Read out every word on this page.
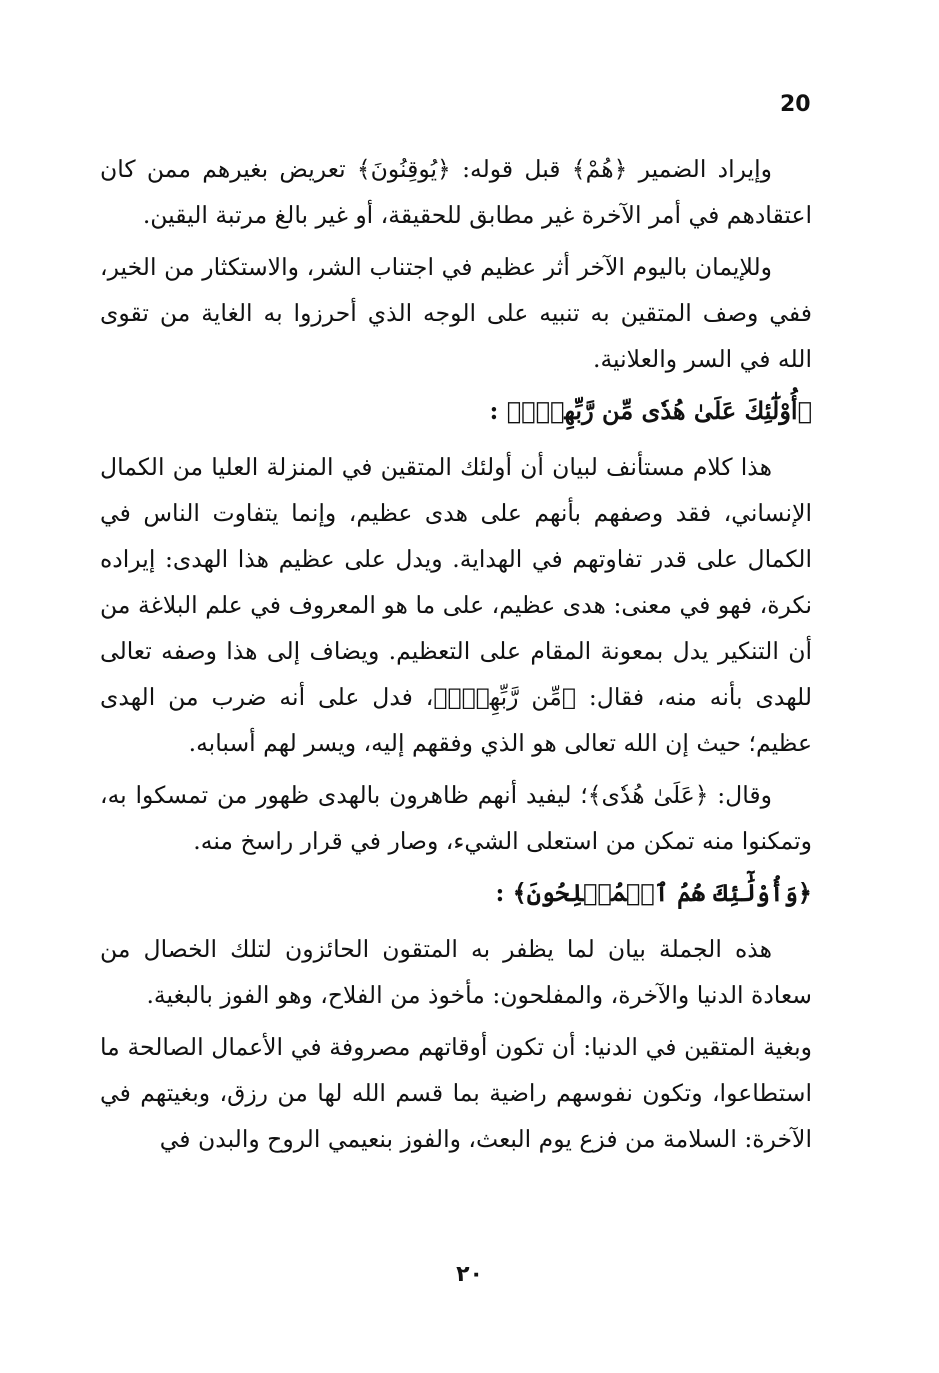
20

وإيراد الضمير ﴿هُمْ﴾ قبل قوله: ﴿يُوقِنُونَ﴾ تعريض بغيرهم ممن كان اعتقادهم في أمر الآخرة غير مطابق للحقيقة، أو غير بالغ مرتبة اليقين.

وللإيمان باليوم الآخر أثر عظيم في اجتناب الشر، والاستكثار من الخير، ففي وصف المتقين به تنبيه على الوجه الذي أحرزوا به الغاية من تقوى الله في السر والعلانية.

﴿أُوْلَٰٓئِكَ عَلَىٰ هُدٗى مِّن رَّبِّهِمۡۖ﴾ :

هذا كلام مستأنف لبيان أن أولئك المتقين في المنزلة العليا من الكمال الإنساني، فقد وصفهم بأنهم على هدى عظيم، وإنما يتفاوت الناس في الكمال على قدر تفاوتهم في الهداية. ويدل على عظيم هذا الهدى: إيراده نكرة، فهو في معنى: هدى عظيم، على ما هو المعروف في علم البلاغة من أن التنكير يدل بمعونة المقام على التعظيم. ويضاف إلى هذا وصفه تعالى للهدى بأنه منه، فقال: ﴿مِّن رَّبِّهِمۡۖ﴾، فدل على أنه ضرب من الهدى عظيم؛ حيث إن الله تعالى هو الذي وفقهم إليه، ويسر لهم أسبابه.

وقال: ﴿عَلَىٰ هُدٗى﴾؛ ليفيد أنهم ظاهرون بالهدى ظهور من تمسكوا به، وتمكنوا منه تمكن من استعلى الشيء، وصار في قرار راسخ منه.

﴿وَأُوْلَٰٓئِكَ هُمُ ٱلۡمُفۡلِحُونَ﴾ :

هذه الجملة بيان لما يظفر به المتقون الحائزون لتلك الخصال من سعادة الدنيا والآخرة، والمفلحون: مأخوذ من الفلاح، وهو الفوز بالبغية.

وبغية المتقين في الدنيا: أن تكون أوقاتهم مصروفة في الأعمال الصالحة ما استطاعوا، وتكون نفوسهم راضية بما قسم الله لها من رزق، وبغيتهم في الآخرة: السلامة من فزع يوم البعث، والفوز بنعيمي الروح والبدن في

٢٠
